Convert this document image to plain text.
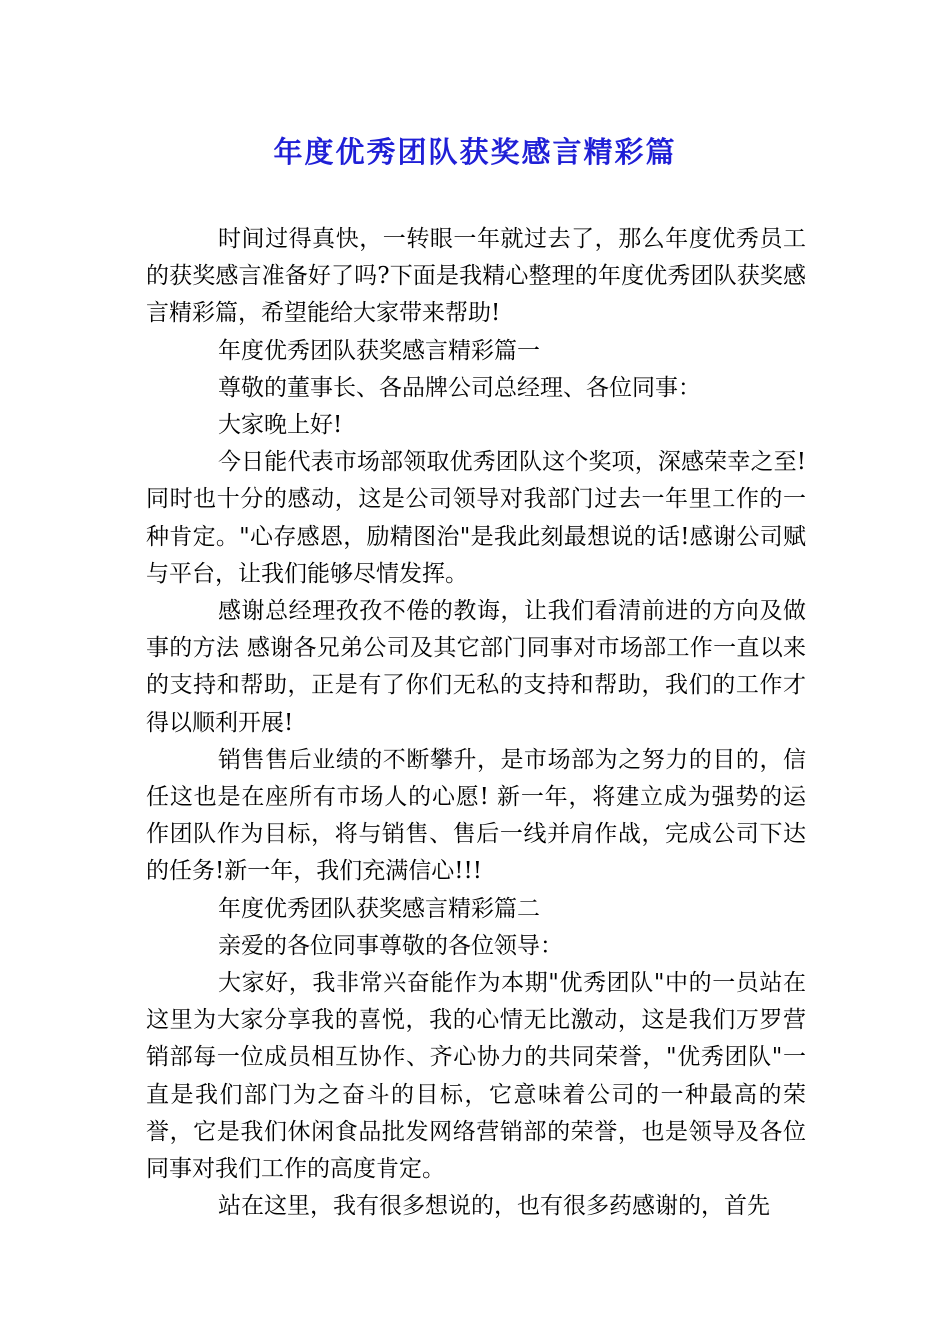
年度优秀团队获奖感言精彩篇

时间过得真快，一转眼一年就过去了，那么年度优秀员工的获奖感言准备好了吗?下面是我精心整理的年度优秀团队获奖感言精彩篇，希望能给大家带来帮助!

年度优秀团队获奖感言精彩篇一

尊敬的董事长、各品牌公司总经理、各位同事：

大家晚上好!

今日能代表市场部领取优秀团队这个奖项，深感荣幸之至!同时也十分的感动，这是公司领导对我部门过去一年里工作的一种肯定。"心存感恩，励精图治"是我此刻最想说的话!感谢公司赋与平台，让我们能够尽情发挥。

感谢总经理孜孜不倦的教诲，让我们看清前进的方向及做事的方法 感谢各兄弟公司及其它部门同事对市场部工作一直以来的支持和帮助，正是有了你们无私的支持和帮助，我们的工作才得以顺利开展!

销售售后业绩的不断攀升，是市场部为之努力的目的，信任这也是在座所有市场人的心愿! 新一年，将建立成为强势的运作团队作为目标，将与销售、售后一线并肩作战，完成公司下达的任务!新一年，我们充满信心!!!

年度优秀团队获奖感言精彩篇二

亲爱的各位同事尊敬的各位领导：

大家好，我非常兴奋能作为本期"优秀团队"中的一员站在这里为大家分享我的喜悦，我的心情无比激动，这是我们万罗营销部每一位成员相互协作、齐心协力的共同荣誉，"优秀团队"一直是我们部门为之奋斗的目标，它意味着公司的一种最高的荣誉，它是我们休闲食品批发网络营销部的荣誉，也是领导及各位同事对我们工作的高度肯定。

站在这里，我有很多想说的，也有很多药感谢的，首先
